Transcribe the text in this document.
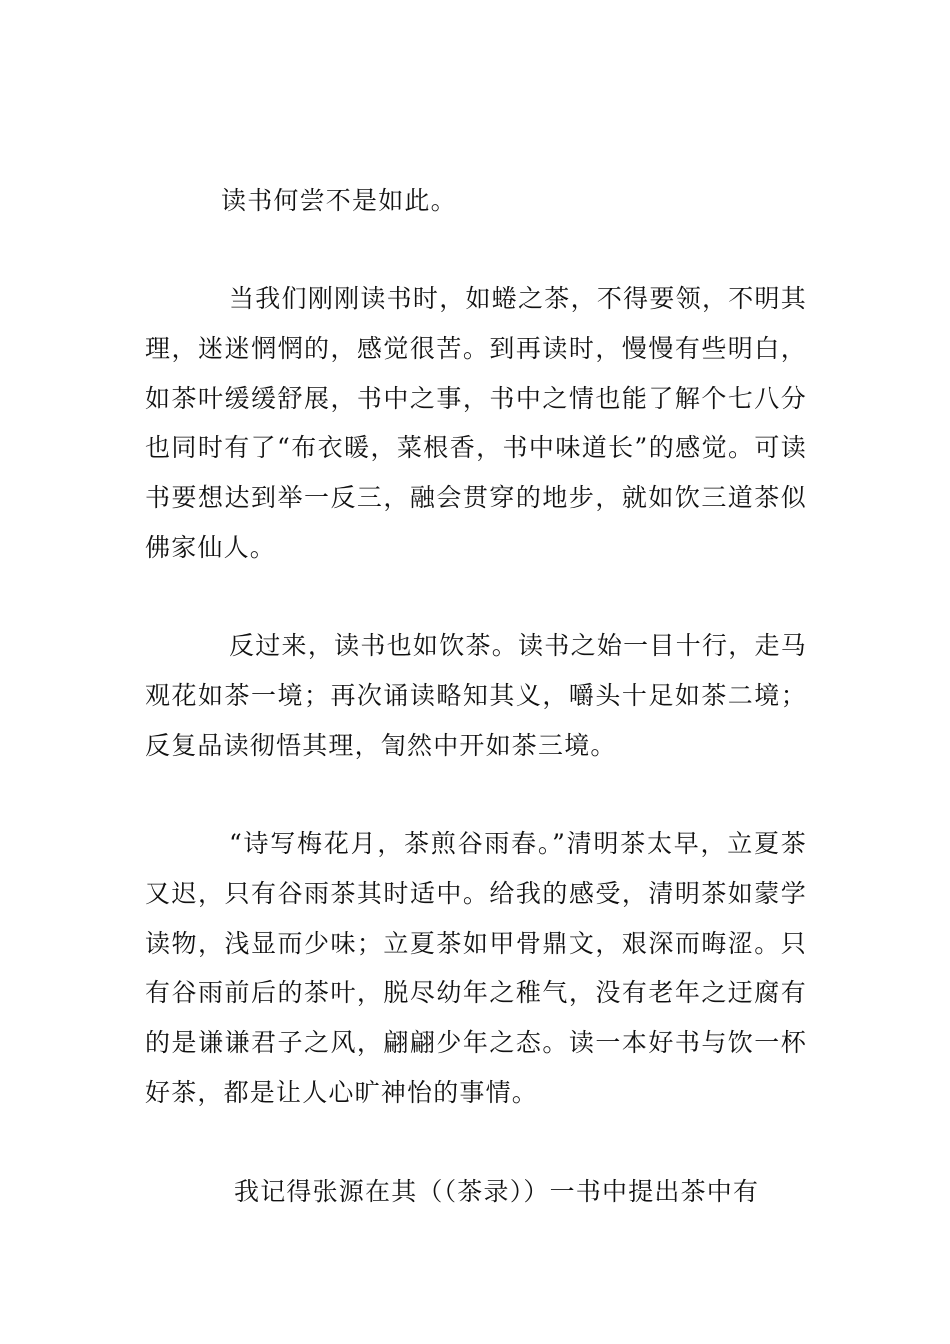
读书何尝不是如此。

当我们刚刚读书时，如蜷之茶，不得要领，不明其理，迷迷惘惘的，感觉很苦。到再读时，慢慢有些明白，如茶叶缓缓舒展，书中之事，书中之情也能了解个七八分也同时有了“布衣暖，菜根香，书中味道长”的感觉。可读书要想达到举一反三，融会贯穿的地步，就如饮三道茶似佛家仙人。

反过来，读书也如饮茶。读书之始一目十行，走马观花如茶一境；再次诵读略知其义，嚼头十足如茶二境；反复品读彻悟其理，訇然中开如茶三境。

“诗写梅花月，茶煎谷雨春。”清明茶太早，立夏茶又迟，只有谷雨茶其时适中。给我的感受，清明茶如蒙学读物，浅显而少味；立夏茶如甲骨鼎文，艰深而晦涩。只有谷雨前后的茶叶，脱尽幼年之稚气，没有老年之迂腐有的是谦谦君子之风，翩翩少年之态。读一本好书与饮一杯好茶，都是让人心旷神怡的事情。

我记得张源在其（（茶录））一书中提出茶中有
